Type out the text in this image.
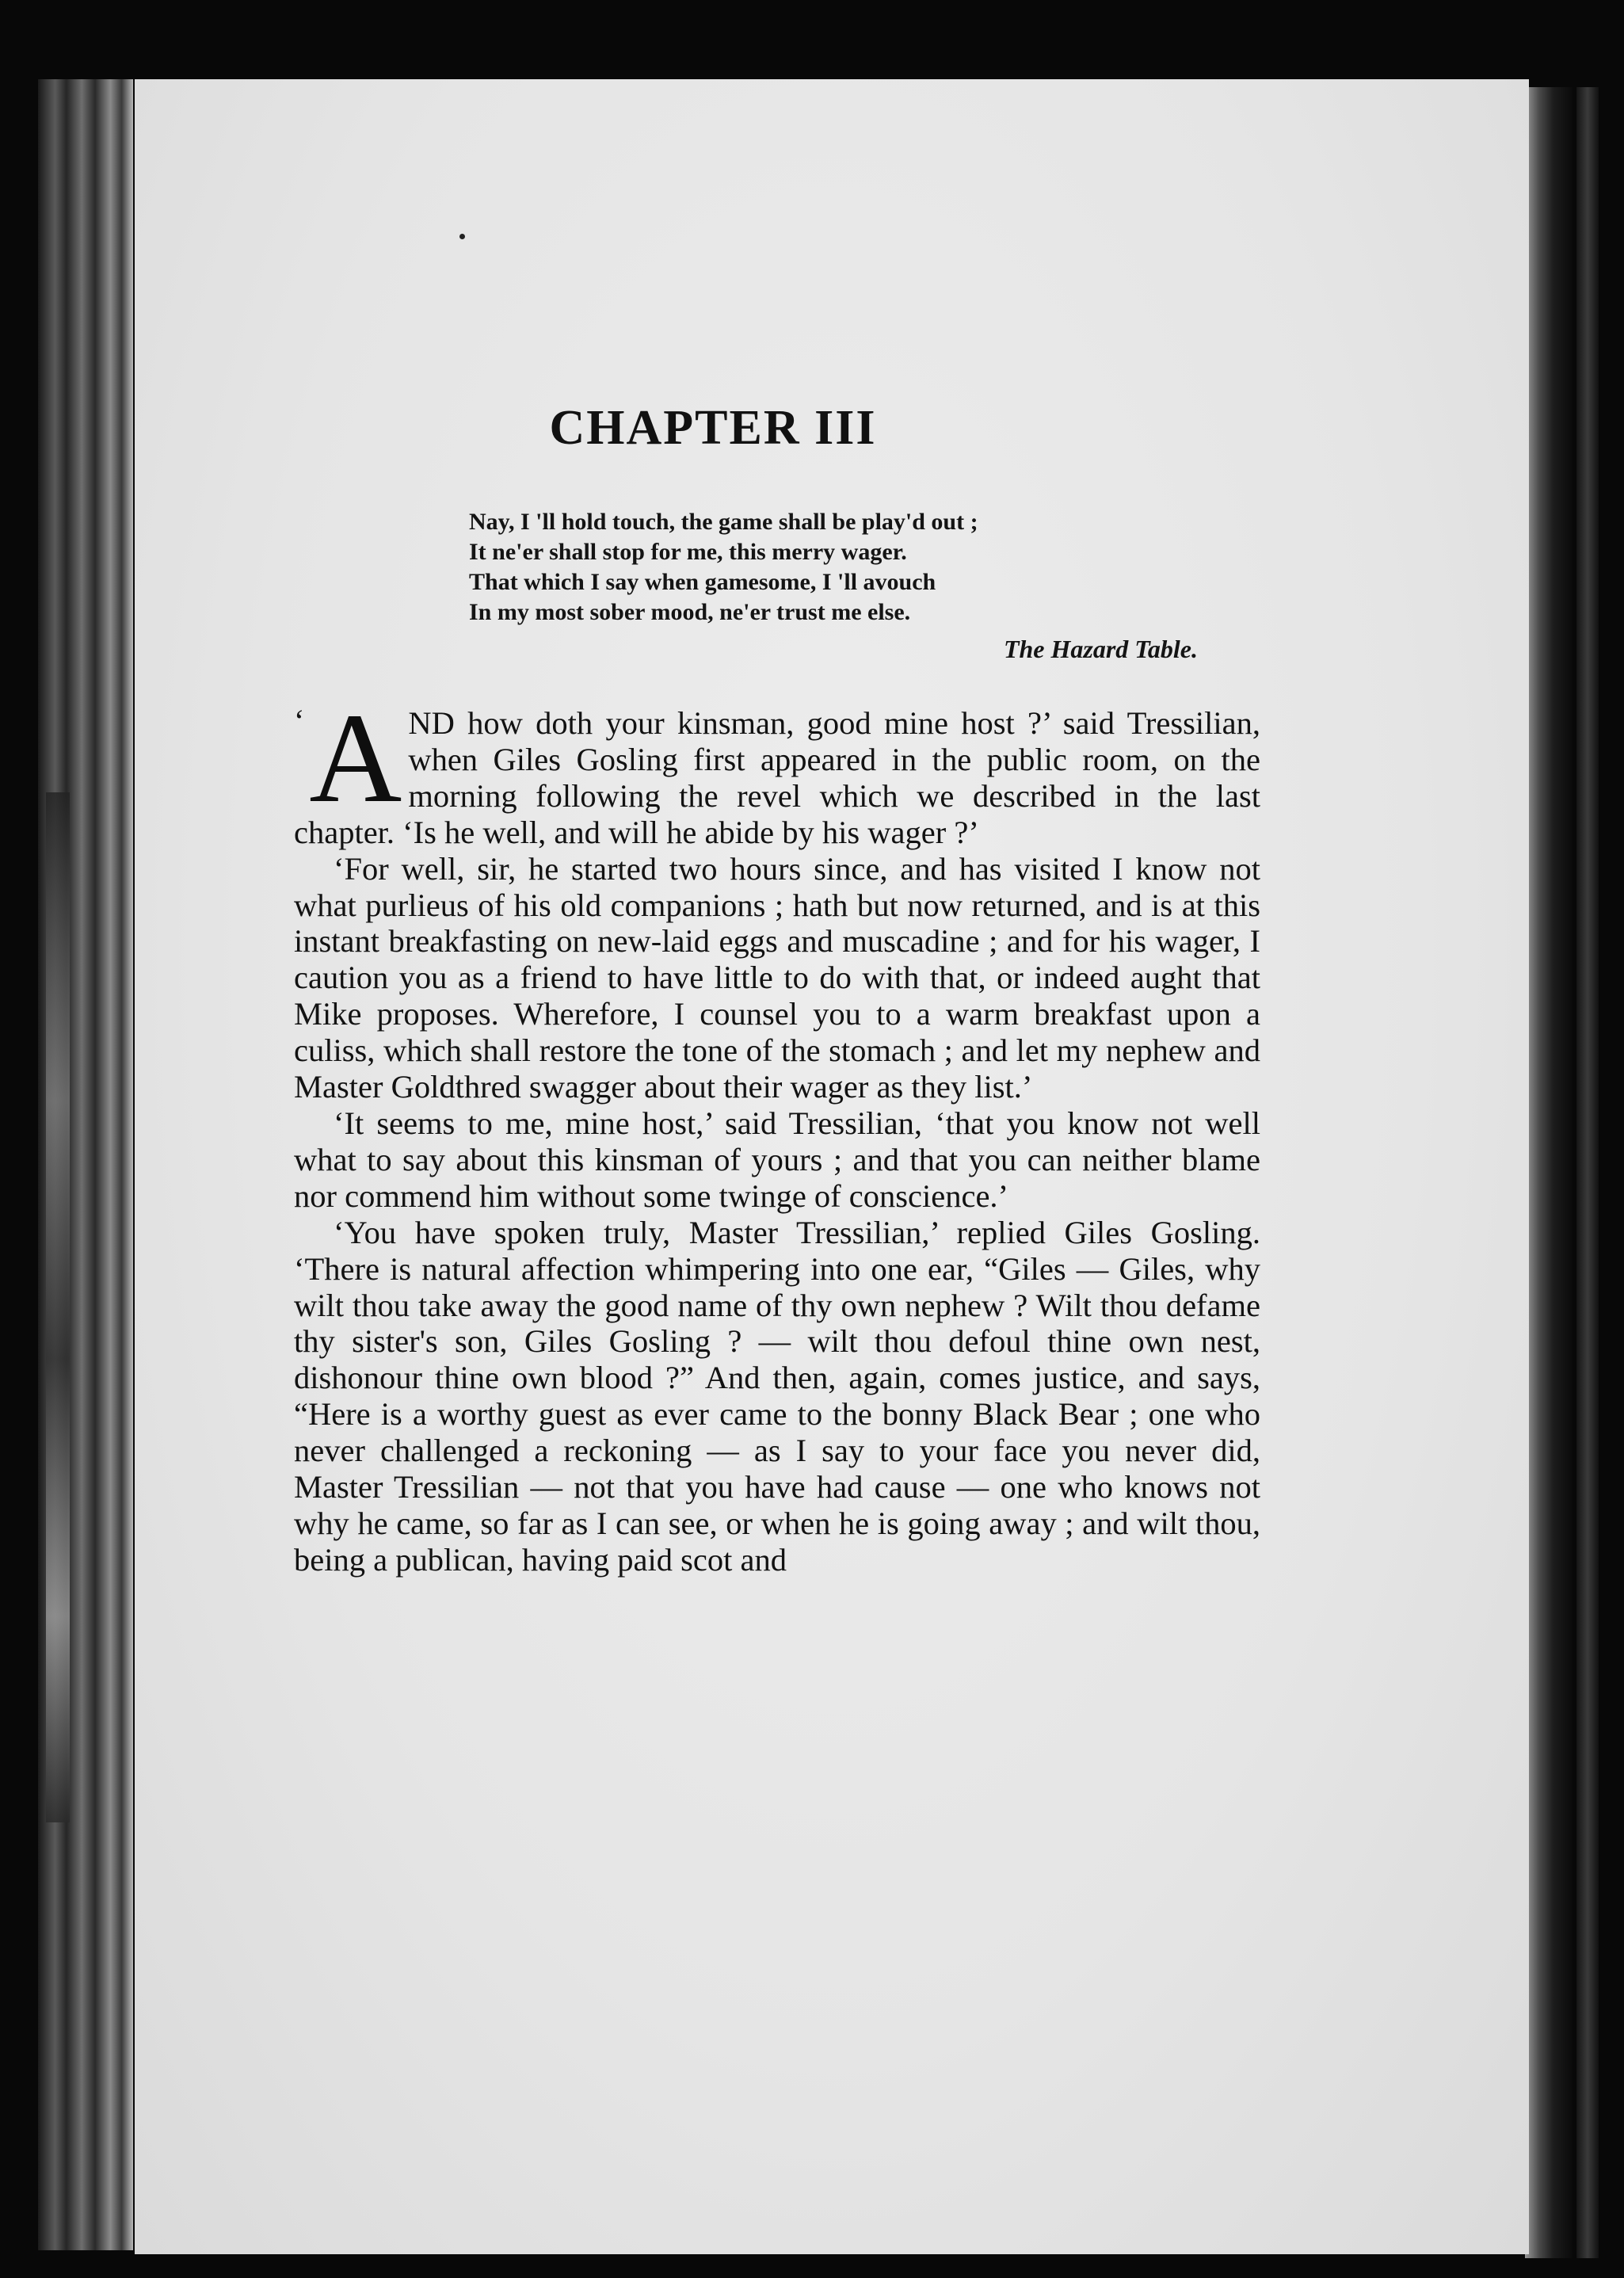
CHAPTER III
Nay, I 'll hold touch, the game shall be play'd out ;
It ne'er shall stop for me, this merry wager.
That which I say when gamesome, I 'll avouch
In my most sober mood, ne'er trust me else.
The Hazard Table.

‘ A ND how doth your kinsman, good mine host ?’ said Tressilian, when Giles Gosling first appeared in the public room, on the morning following the revel which we described in the last chapter. ‘Is he well, and will he abide by his wager ?’

‘For well, sir, he started two hours since, and has visited I know not what purlieus of his old companions ; hath but now returned, and is at this instant breakfasting on new-laid eggs and muscadine ; and for his wager, I caution you as a friend to have little to do with that, or indeed aught that Mike proposes. Wherefore, I counsel you to a warm breakfast upon a culiss, which shall restore the tone of the stomach ; and let my nephew and Master Goldthred swagger about their wager as they list.’

‘It seems to me, mine host,’ said Tressilian, ‘that you know not well what to say about this kinsman of yours ; and that you can neither blame nor commend him without some twinge of conscience.’

‘You have spoken truly, Master Tressilian,’ replied Giles Gosling. ‘There is natural affection whimpering into one ear, “Giles — Giles, why wilt thou take away the good name of thy own nephew ? Wilt thou defame thy sister's son, Giles Gosling ? — wilt thou defoul thine own nest, dishonour thine own blood ?” And then, again, comes justice, and says, “Here is a worthy guest as ever came to the bonny Black Bear ; one who never challenged a reckoning — as I say to your face you never did, Master Tressilian — not that you have had cause — one who knows not why he came, so far as I can see, or when he is going away ; and wilt thou, being a publican, having paid scot and
